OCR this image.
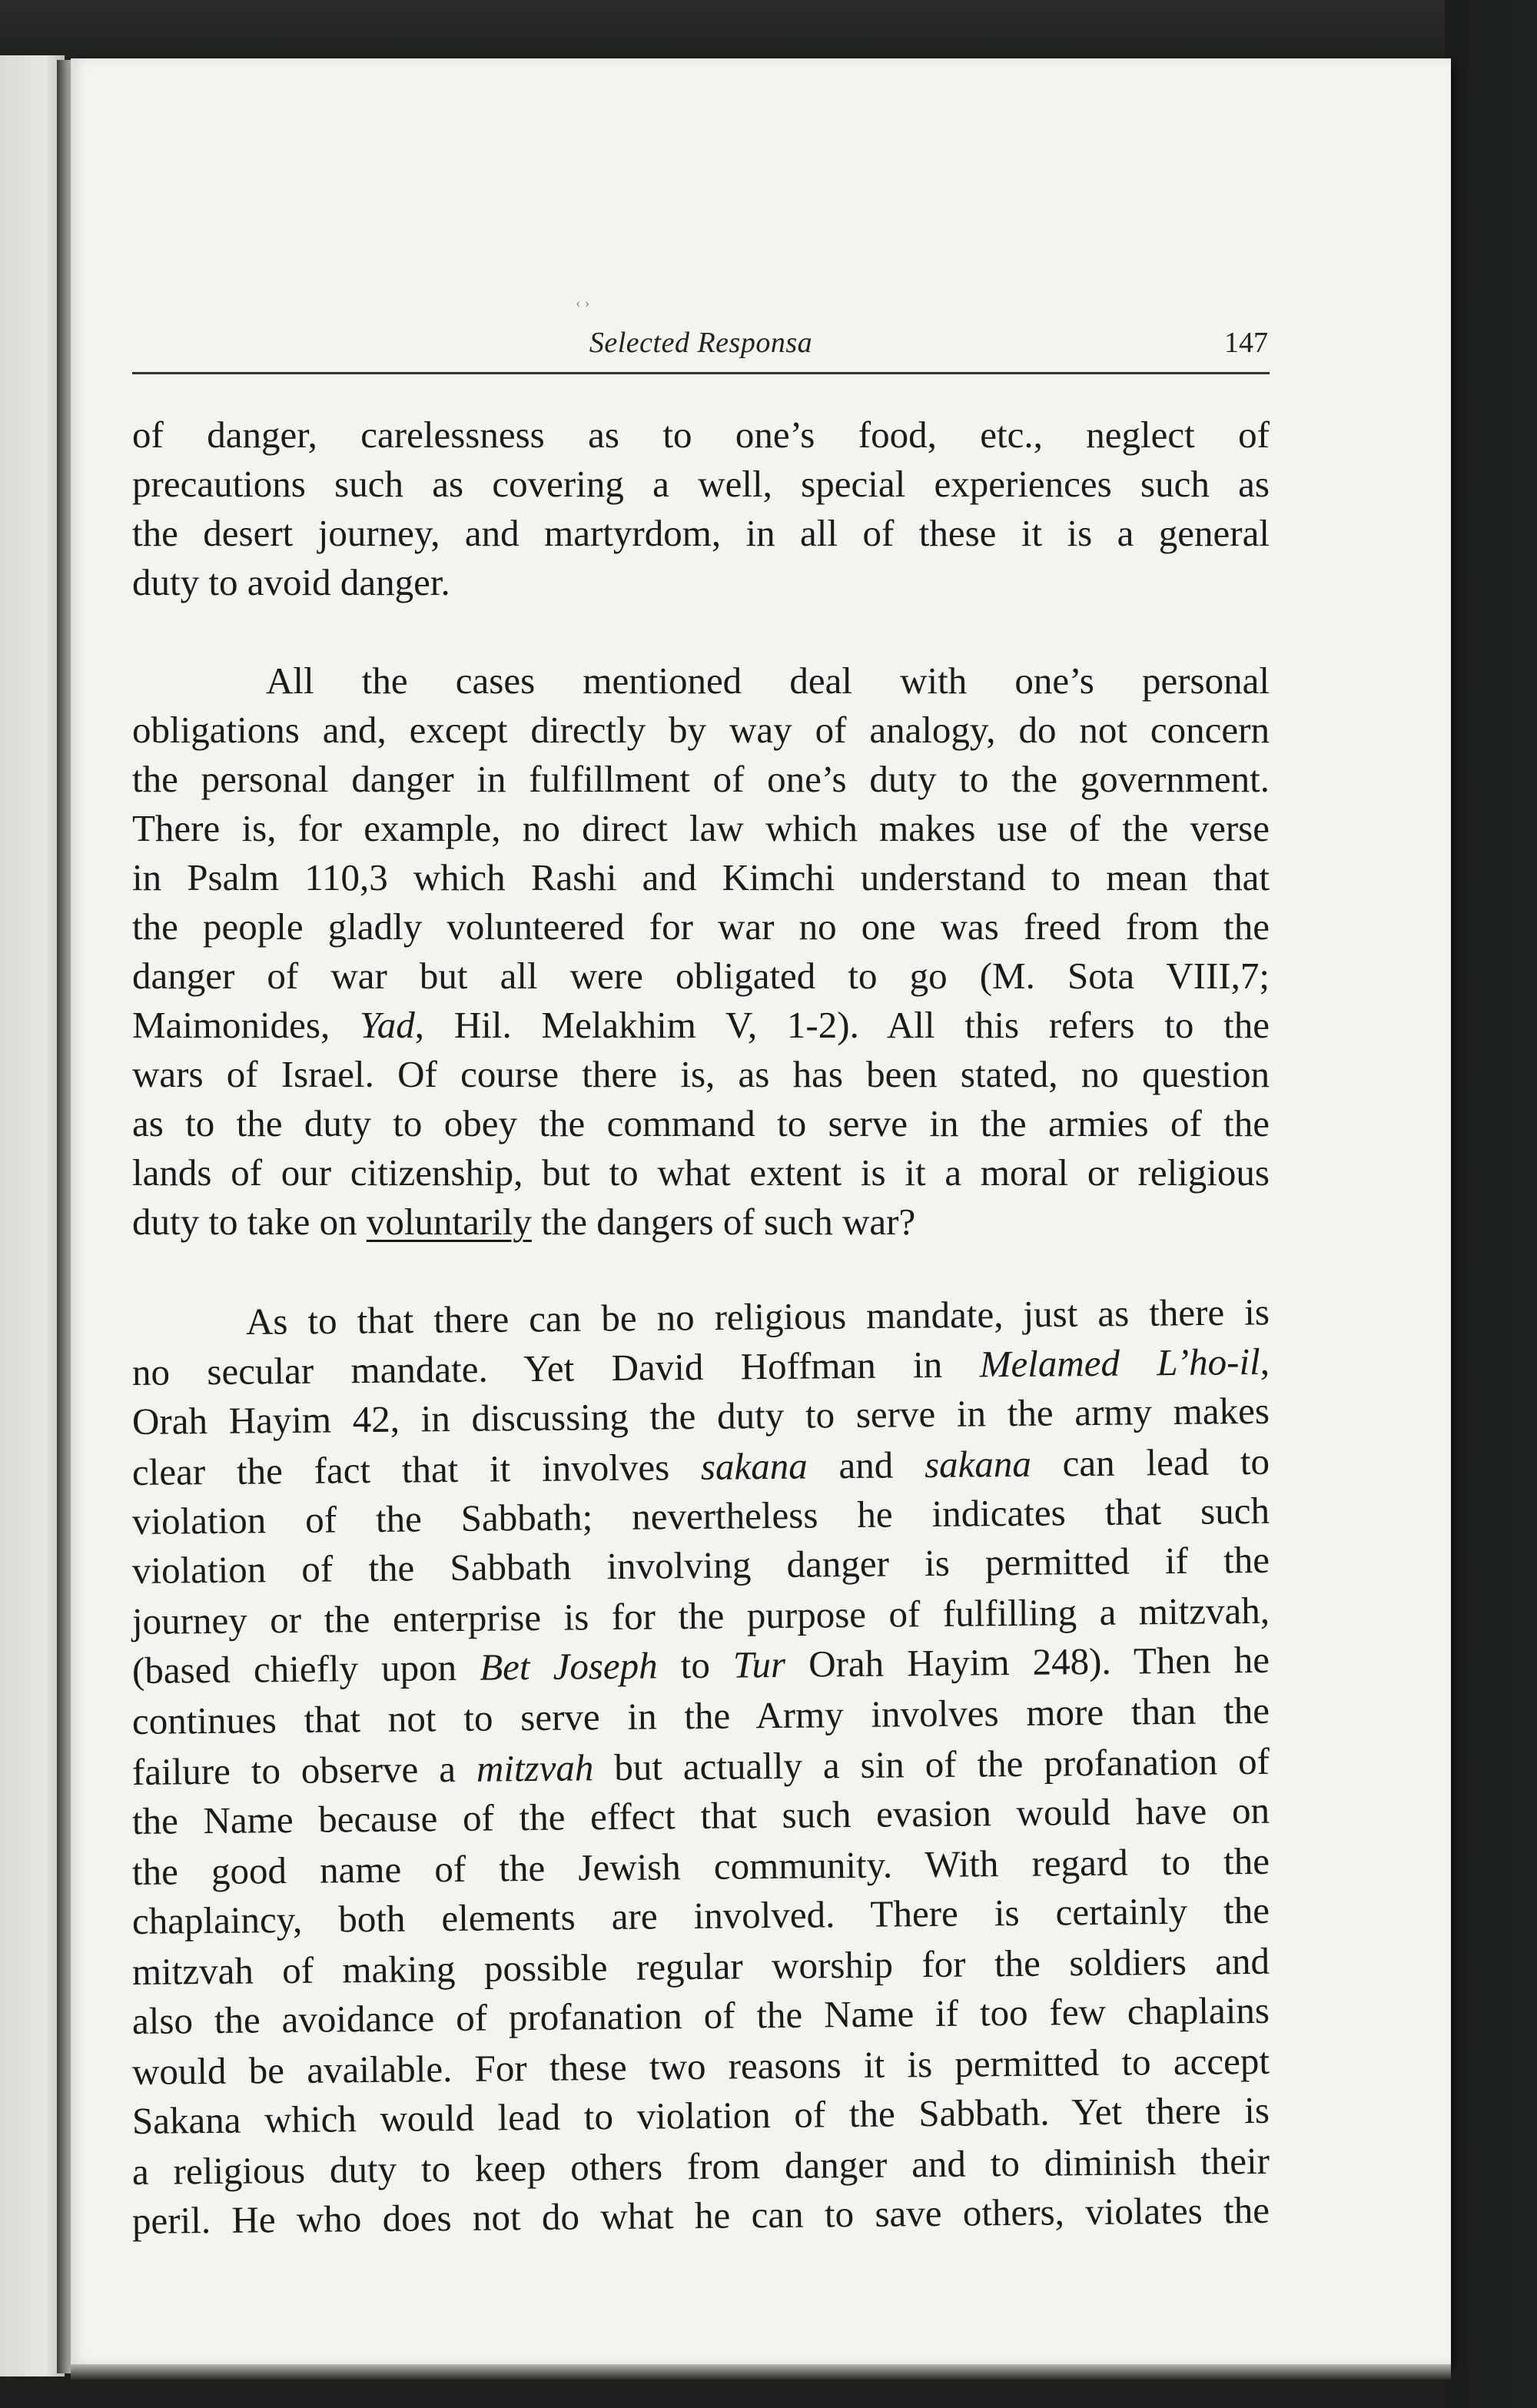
‹ ›
Selected Responsa	147
of danger, carelessness as to one’s food, etc., neglect of
precautions such as covering a well, special experiences such as
the desert journey, and martyrdom, in all of these it is a general
duty to avoid danger.
All the cases mentioned deal with one’s personal
obligations and, except directly by way of analogy, do not concern
the personal danger in fulfillment of one’s duty to the government.
There is, for example, no direct law which makes use of the verse
in Psalm 110,3 which Rashi and Kimchi understand to mean that
the people gladly volunteered for war no one was freed from the
danger of war but all were obligated to go (M. Sota VIII,7;
Maimonides, Yad, Hil. Melakhim V, 1-2). All this refers to the
wars of Israel. Of course there is, as has been stated, no question
as to the duty to obey the command to serve in the armies of the
lands of our citizenship, but to what extent is it a moral or religious
duty to take on voluntarily the dangers of such war?
As to that there can be no religious mandate, just as there is
no secular mandate. Yet David Hoffman in Melamed L’ho-il,
Orah Hayim 42, in discussing the duty to serve in the army makes
clear the fact that it involves sakana and sakana can lead to
violation of the Sabbath; nevertheless he indicates that such
violation of the Sabbath involving danger is permitted if the
journey or the enterprise is for the purpose of fulfilling a mitzvah,
(based chiefly upon Bet Joseph to Tur Orah Hayim 248). Then he
continues that not to serve in the Army involves more than the
failure to observe a mitzvah but actually a sin of the profanation of
the Name because of the effect that such evasion would have on
the good name of the Jewish community. With regard to the
chaplaincy, both elements are involved. There is certainly the
mitzvah of making possible regular worship for the soldiers and
also the avoidance of profanation of the Name if too few chaplains
would be available. For these two reasons it is permitted to accept
Sakana which would lead to violation of the Sabbath. Yet there is
a religious duty to keep others from danger and to diminish their
peril. He who does not do what he can to save others, violates the
